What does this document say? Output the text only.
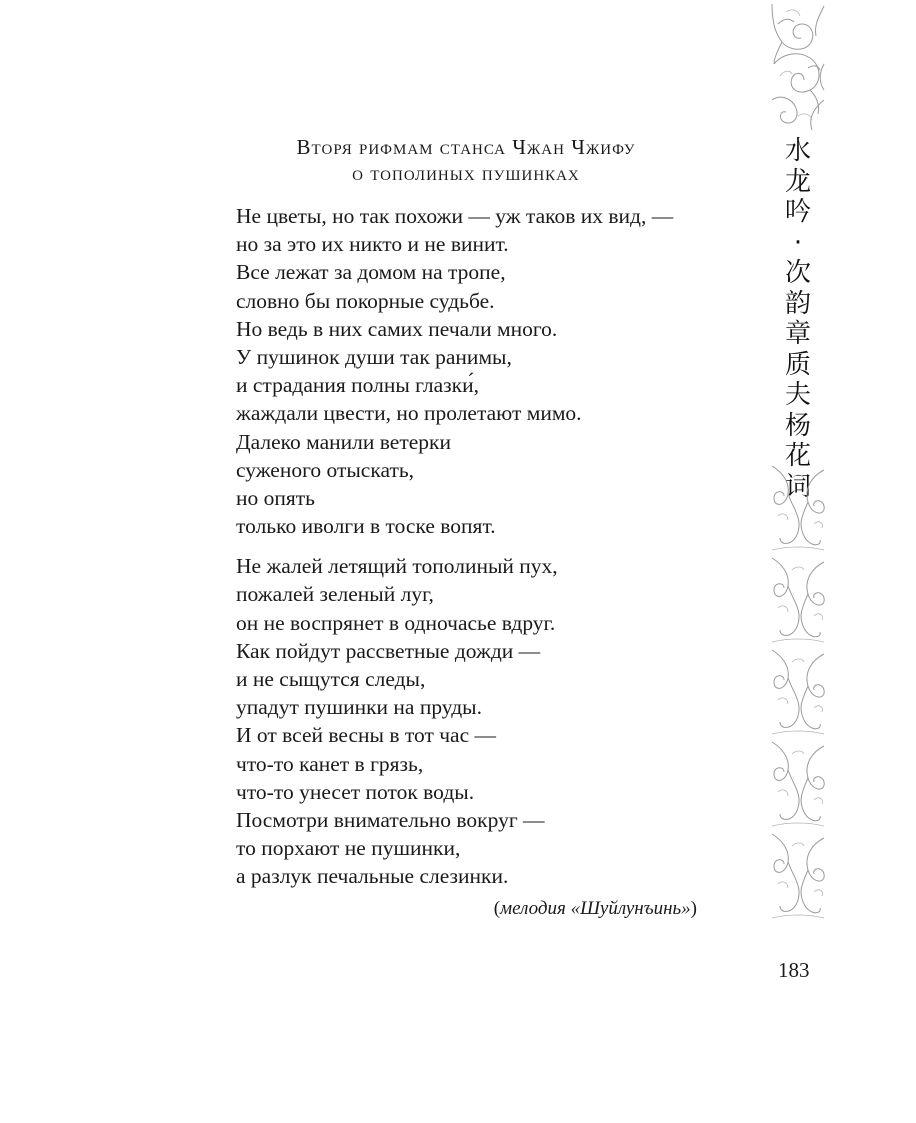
Вторя рифмам станса Чжан Чжифу
о тополиных пушинках
Не цветы, но так похожи — уж таков их вид, —
но за это их никто и не винит.
Все лежат за домом на тропе,
словно бы покорные судьбе.
Но ведь в них самих печали много.
У пушинок души так ранимы,
и страдания полны глазки́,
жаждали цвести, но пролетают мимо.
Далеко манили ветерки
суженого отыскать,
но опять
только иволги в тоске вопят.
Не жалей летящий тополиный пух,
пожалей зеленый луг,
он не воспрянет в одночасье вдруг.
Как пойдут рассветные дожди —
и не сыщутся следы,
упадут пушинки на пруды.
И от всей весны в тот час —
что-то канет в грязь,
что-то унесет поток воды.
Посмотри внимательно вокруг —
то порхают не пушинки,
а разлук печальные слезинки.
(мелодия «Шуйлунъинь»)
水
龙
吟
·
次
韵
章
质
夫
杨
花
词
183
